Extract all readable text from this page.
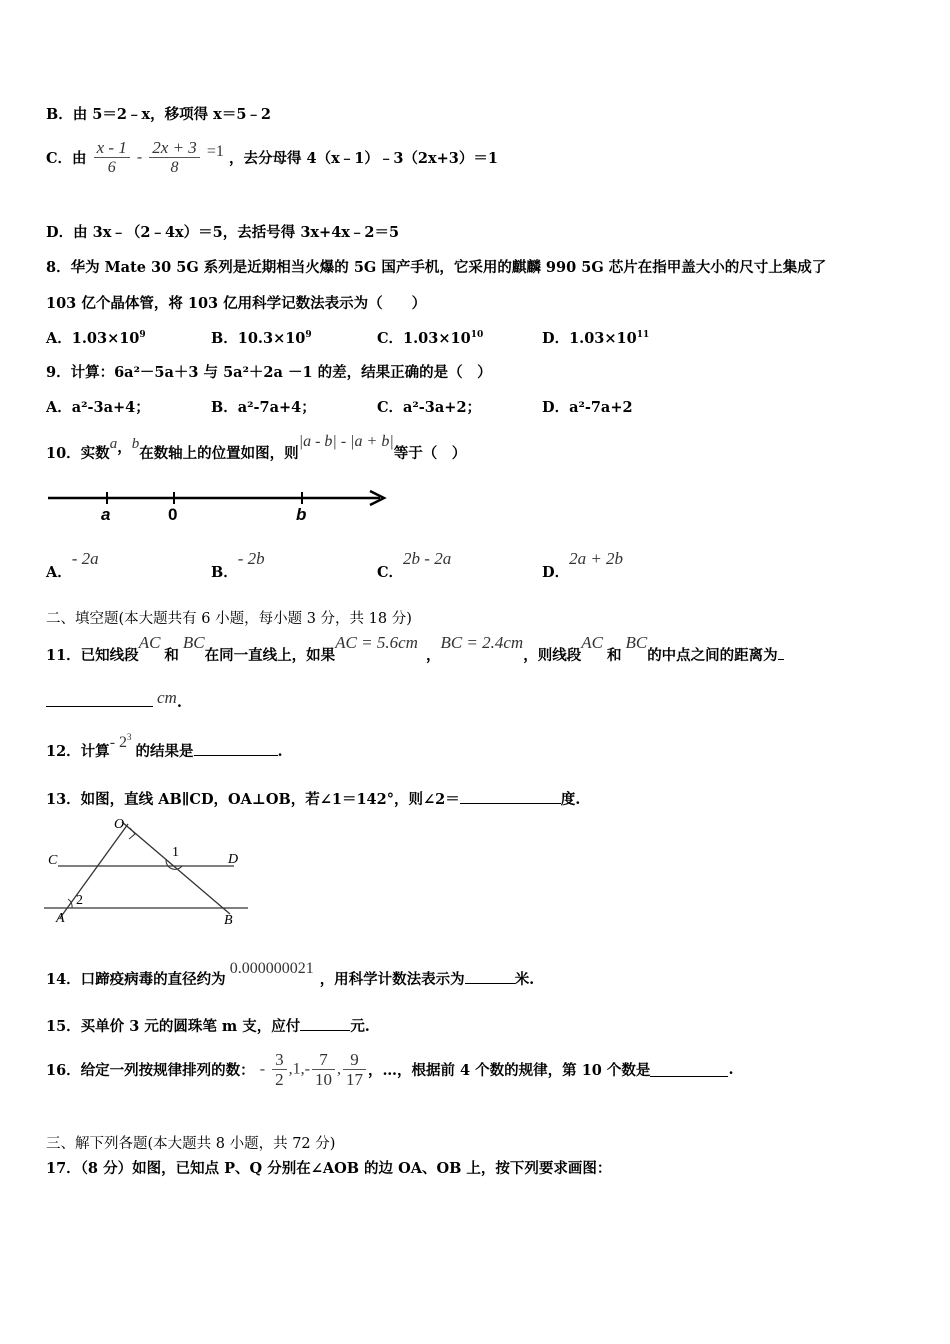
B．由 5＝2﹣x，移项得 x＝5﹣2
C．由 $\frac{x - 1}{6} - \frac{2x + 3}{8} =1$ ，去分母得 4（x﹣1）﹣3（2x+3）＝1
D．由 3x﹣（2﹣4x）＝5，去括号得 3x+4x﹣2＝5
8．华为 Mate 30 5G 系列是近期相当火爆的 5G 国产手机，它采用的麒麟 990 5G 芯片在指甲盖大小的尺寸上集成了
103 亿个晶体管，将 103 亿用科学记数法表示为（　　）
A．$1.03\times 10^9$	B．$10.3\times 10^9$	C．$1.03\times 10^{10}$	D．$1.03\times 10^{11}$
9．计算：6a²－5a＋3 与 5a²＋2a －1 的差，结果正确的是（　）
A．a²-3a+4；	B．a²-7a+4；	C．a²-3a+2；	D．a²-7a+2
10．实数a，b在数轴上的位置如图，则|a - b| - |a + b|等于（　）
a	0	b
A．- 2a
B．- 2b
C．2b - 2a
D．2a + 2b
二、填空题(本大题共有 6 小题，每小题 3 分，共 18 分)
11．已知线段AC和BC在同一直线上，如果AC = 5.6cm，BC = 2.4cm，则线段AC和BC的中点之间的距离为
cm.
12．计算- $2^3$的结果是	.
13．如图，直线 AB∥CD，OA⊥OB，若∠1＝142°，则∠2＝	度.
O
C	D
1
2
A	B
14．口蹄疫病毒的直径约为0.000000021，用科学计数法表示为	米.
15．买单价 3 元的圆珠笔 m 支，应付	元.
16．给定一列按规律排列的数： - $\frac{3}{2} ,1,- \frac{7}{10}$ , $\frac{9}{17}$ ，…，根据前 4 个数的规律，第 10 个数是	.
三、解下列各题(本大题共 8 小题，共 72 分)
17．（8 分）如图，已知点 P、Q 分别在∠AOB 的边 OA、OB 上，按下列要求画图：
